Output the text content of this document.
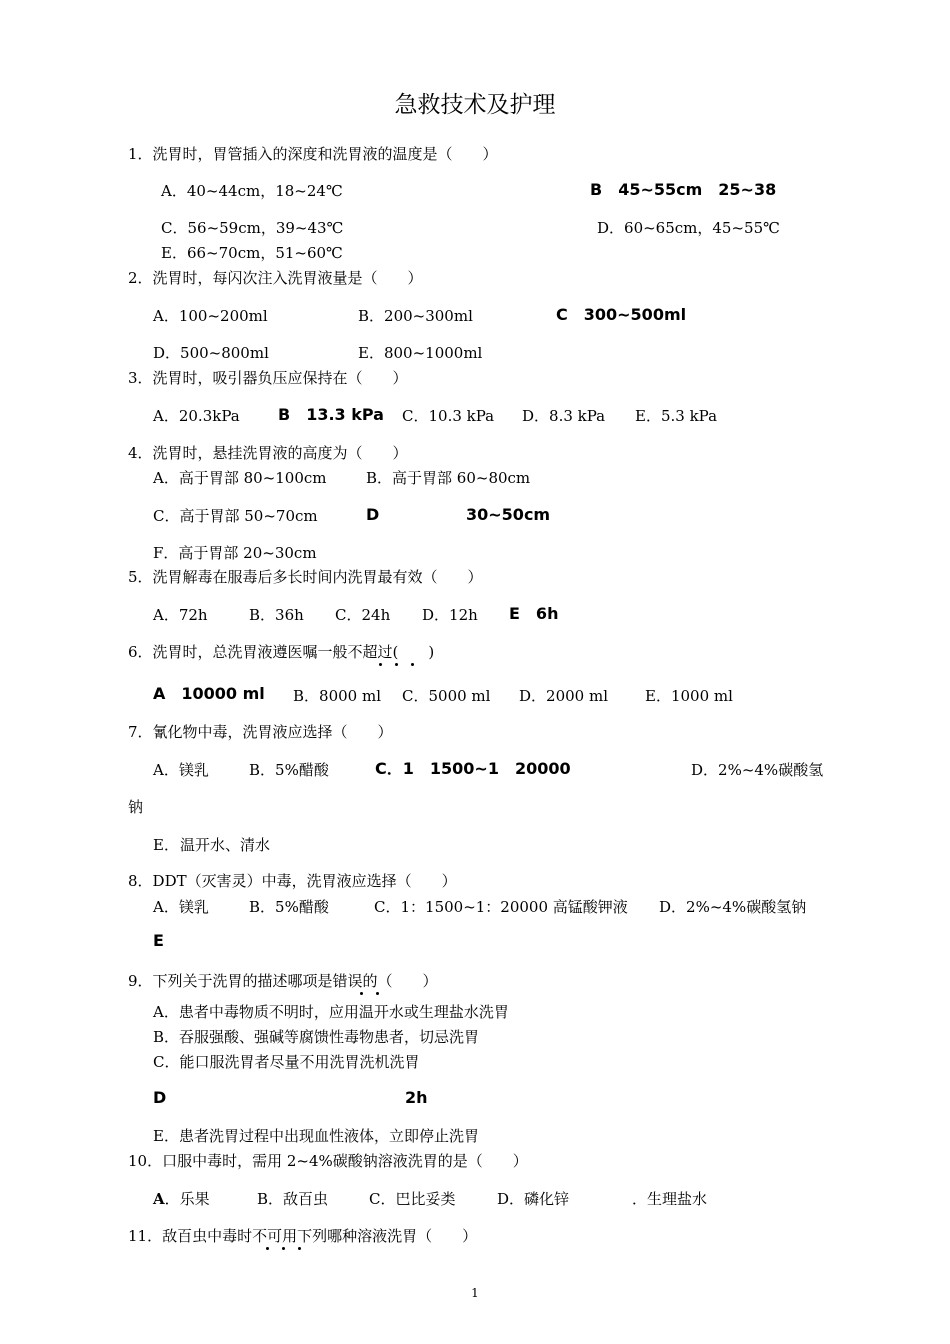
急救技术及护理
1．洗胃时，胃管插入的深度和洗胃液的温度是（　　）
A．40~44cm，18~24℃	B　45~55cm　25~38
C．56~59cm，39~43℃	D．60~65cm，45~55℃
E．66~70cm，51~60℃
2．洗胃时，每闪次注入洗胃液量是（　　）
A．100~200ml	B．200~300ml	C　300~500ml
D．500~800ml	E．800~1000ml
3．洗胃时，吸引器负压应保持在（　　）
A．20.3kPa B　13.3 kPa C．10.3 kPa D．8.3 kPa E．5.3 kPa
4．洗胃时，悬挂洗胃液的高度为（　　）
A．高于胃部 80~100cm	B．高于胃部 60~80cm
C．高于胃部 50~70cm	D	30~50cm
F．高于胃部 20~30cm
5．洗胃解毒在服毒后多长时间内洗胃最有效（　　）
A．72h	B．36h C．24h D．12h E　6h
6．洗胃时，总洗胃液遵医嘱一般不超过(　　)
A　10000 ml B．8000 ml C．5000 ml D．2000 ml E．1000 ml
7．氰化物中毒，洗胃液应选择（　　）
A．镁乳	B．5%醋酸	C．1　1500~1　20000	D．2%~4%碳酸氢
钠
E． 温开水、清水
8．DDT（灭害灵）中毒，洗胃液应选择（　　）
A．镁乳	B．5%醋酸	C．1：1500~1：20000 高锰酸钾液 D．2%~4%碳酸氢钠
E
9．下列关于洗胃的描述哪项是错误的（　　）
A．患者中毒物质不明时，应用温开水或生理盐水洗胃
B．吞服强酸、强碱等腐馈性毒物患者，切忌洗胃
C．能口服洗胃者尽量不用洗胃洗机洗胃
D	2h
E．患者洗胃过程中出现血性液体，立即停止洗胃
10．口服中毒时，需用 2~4%碳酸钠溶液洗胃的是（　　）
A．乐果	B．敌百虫	C．巴比妥类	D．磷化锌	．生理盐水
11．敌百虫中毒时不可用下列哪种溶液洗胃（　　）
1
